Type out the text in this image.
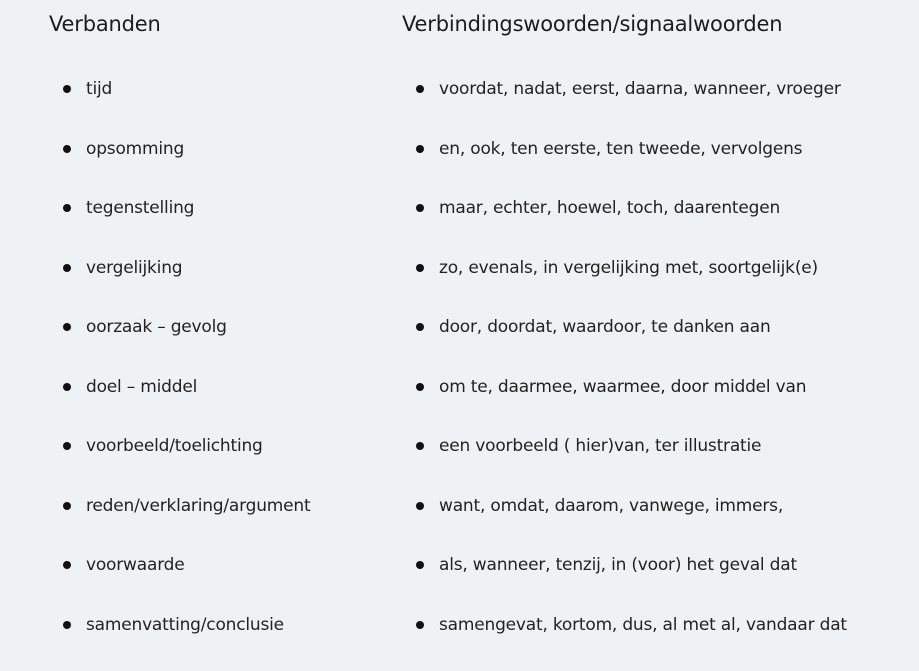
Verbanden
tijd
opsomming
tegenstelling
vergelijking
oorzaak – gevolg
doel – middel
voorbeeld/toelichting
reden/verklaring/argument
voorwaarde
samenvatting/conclusie
Verbindingswoorden/signaalwoorden
voordat, nadat, eerst, daarna, wanneer, vroeger
en, ook, ten eerste, ten tweede, vervolgens
maar, echter, hoewel, toch, daarentegen
zo, evenals, in vergelijking met, soortgelijk(e)
door, doordat, waardoor, te danken aan
om te, daarmee, waarmee, door middel van
een voorbeeld ( hier)van, ter illustratie
want, omdat, daarom, vanwege, immers,
als, wanneer, tenzij, in (voor) het geval dat
samengevat, kortom, dus, al met al, vandaar dat
